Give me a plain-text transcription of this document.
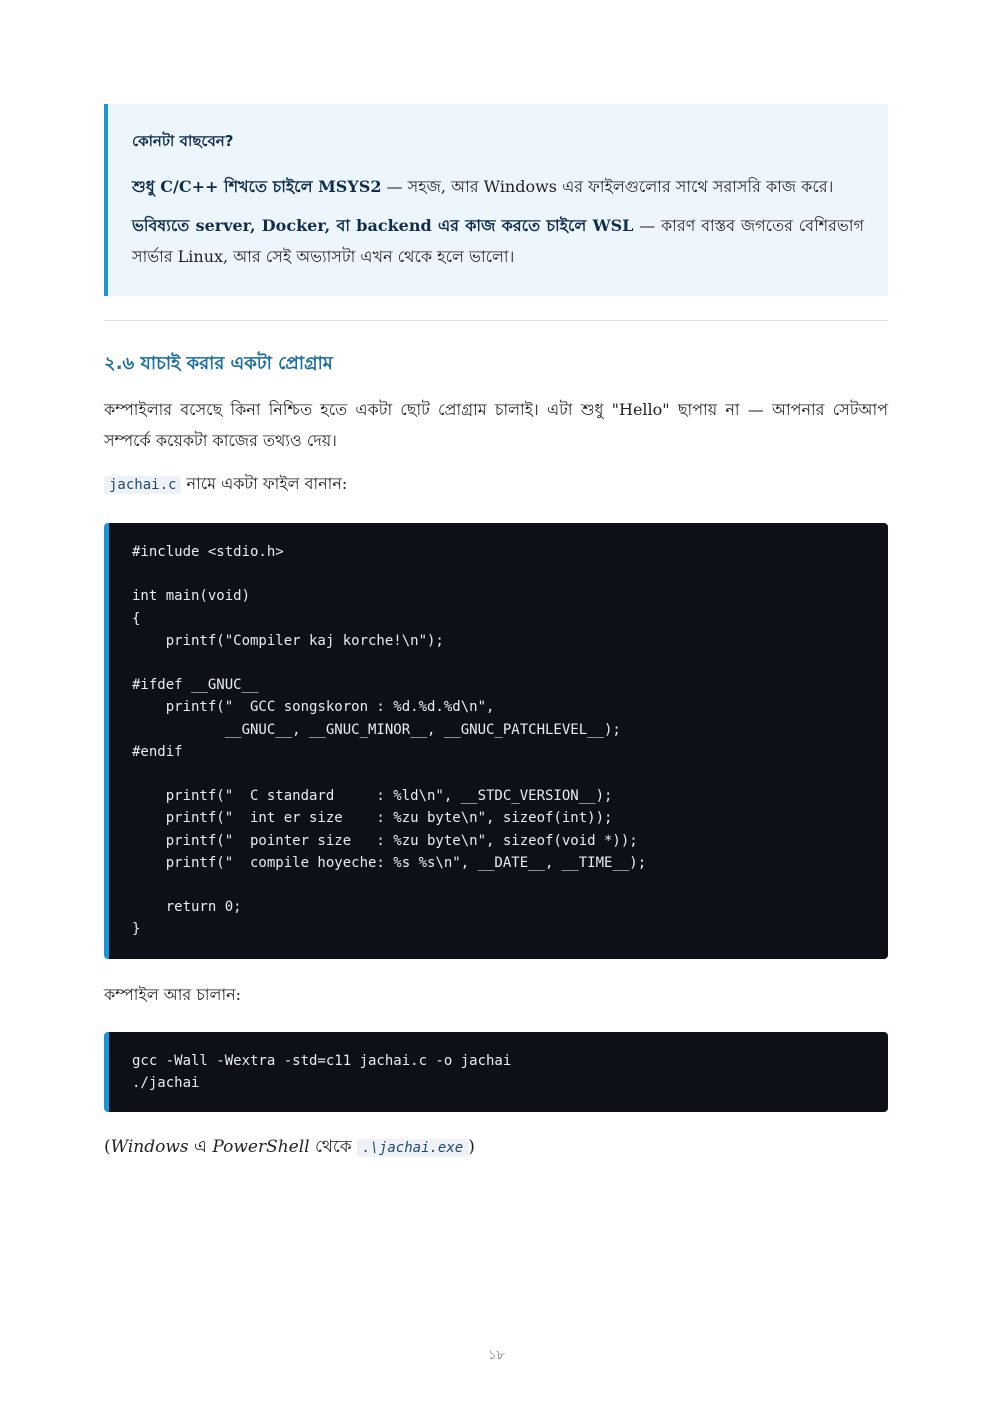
কোনটা বাছবেন?

শুধু C/C++ শিখতে চাইলে MSYS2 — সহজ, আর Windows এর ফাইলগুলোর সাথে সরাসরি কাজ করে।

ভবিষ্যতে server, Docker, বা backend এর কাজ করতে চাইলে WSL — কারণ বাস্তব জগতের বেশিরভাগ সার্ভার Linux, আর সেই অভ্যাসটা এখন থেকে হলে ভালো।

২.৬ যাচাই করার একটা প্রোগ্রাম

কম্পাইলার বসেছে কিনা নিশ্চিত হতে একটা ছোট প্রোগ্রাম চালাই। এটা শুধু "Hello" ছাপায় না — আপনার সেটআপ সম্পর্কে কয়েকটা কাজের তথ্যও দেয়।

jachai.c নামে একটা ফাইল বানান:

#include <stdio.h>
int main(void)
{
printf("Compiler kaj korche!\n");
#ifdef __GNUC__
printf("  GCC songskoron : %d.%d.%d\n",
__GNUC__, __GNUC_MINOR__, __GNUC_PATCHLEVEL__);
#endif
printf("  C standard     : %ld\n", __STDC_VERSION__);
printf("  int er size    : %zu byte\n", sizeof(int));
printf("  pointer size   : %zu byte\n", sizeof(void *));
printf("  compile hoyeche: %s %s\n", __DATE__, __TIME__);
return 0;
}

কম্পাইল আর চালান:

gcc -Wall -Wextra -std=c11 jachai.c -o jachai
./jachai

(Windows এ PowerShell থেকে .\jachai.exe )

১৮
